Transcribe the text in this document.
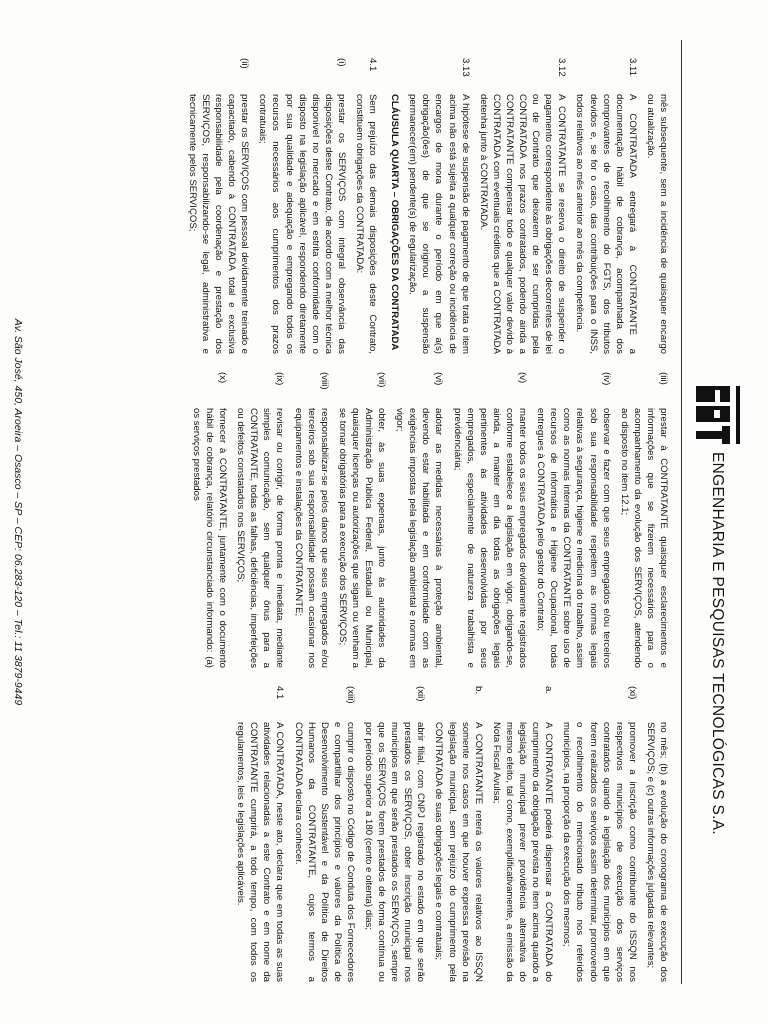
ENGENHARIA E PESQUISAS TECNOLÓGICAS S.A.
mês subsequente, sem a incidência de quaisquer encargo ou atualização.
3.11
A CONTRATADA entregará à CONTRATANTE a documentação hábil de cobrança, acompanhada dos comprovantes de recolhimento do FGTS, dos tributos devidos e, se for o caso, das contribuições para o INSS, todos relativos ao mês anterior ao mês da competência.
3.12
A CONTRATANTE se reserva o direito de suspender o pagamento correspondente às obrigações decorrentes de lei ou de Contrato que deixarem de ser cumpridas pela CONTRATADA nos prazos contratados, podendo ainda a CONTRATANTE compensar todo e qualquer valor devido à CONTRATADA com eventuais créditos que a CONTRATADA detenha junto à CONTRATADA.
3.13
A hipótese de suspensão de pagamento de que trata o item acima não está sujeita a qualquer correção ou incidência de encargos de mora durante o período em que a(s) obrigação(ões) de que se originou a suspensão permanecer(em) pendente(s) de regularização.
CLÁUSULA QUARTA – OBRIGAÇÕES DA CONTRATADA
4.1
Sem prejuízo das demais disposições deste Contrato, constituem obrigações da CONTRATADA:
(i)
prestar os SERVIÇOS com integral observância das disposições deste Contrato, de acordo com a melhor técnica disponível no mercado e em estrita conformidade com o disposto na legislação aplicável, respondendo diretamente por sua qualidade e adequação e empregando todos os recursos necessários aos cumprimentos dos prazos contratuais;
(ii)
prestar os SERVIÇOS com pessoal devidamente treinado e capacitado, cabendo à CONTRATADA total e exclusiva responsabilidade pela coordenação e prestação dos SERVIÇOS, responsabilizando-se legal, administrativa e tecnicamente pelos SERVIÇOS;
(iii)
prestar à CONTRATANTE quaisquer esclarecimentos e informações que se fizerem necessários para o acompanhamento da evolução dos SERVIÇOS, atendendo ao disposto no item 12.1;
(iv)
observar e fazer com que seus empregados e/ou terceiros sob sua responsabilidade respeitem as normas legais relativas à segurança, higiene e medicina do trabalho, assim como as normas internas da CONTRATANTE sobre uso de recursos de informática e Higiene Ocupacional, todas entregues à CONTRATADA pelo gestor do Contrato;
(v)
manter todos os seus empregados devidamente registrados conforme estabelece a legislação em vigor, obrigando-se, ainda, a manter em dia todas as obrigações legais pertinentes às atividades desenvolvidas por seus empregados, especialmente de natureza trabalhista e previdenciária;
(vi)
adotar as medidas necessárias à proteção ambiental, devendo estar habilitada e em conformidade com as exigências impostas pela legislação ambiental e normas em vigor;
(vii)
obter, às suas expensas, junto às autoridades da Administração Pública Federal, Estadual ou Municipal, quaisquer licenças ou autorizações que sigam ou venham a se tornar obrigatórias para a execução dos SERVIÇOS;
(viii)
responsabilizar-se pelos danos que seus empregados e/ou terceiros sob sua responsabilidade possam ocasionar nos equipamentos e instalações da CONTRATANTE;
(ix)
revisar ou corrigir, de forma pronta e imediata, mediante simples comunicação, sem qualquer ônus para a CONTRATANTE, todas as falhas, deficiências, imperfeições ou defeitos constatados nos SERVIÇOS;
(x)
fornecer à CONTRATANTE, juntamente com o documento hábil de cobrança, relatório circunstanciado informando: (a) os serviços prestados
no mês; (b) a evolução do cronograma de execução dos SERVIÇOS; e (c) outras informações julgadas relevantes;
(xi)
promover a inscrição como contribuinte do ISSQN nos respectivos municípios de execução dos serviços contratados quando a legislação dos municípios em que forem realizados os serviços assim determinar, promovendo o recolhimento do mencionado tributo nos referidos municípios, na proporção da execução dos mesmos;
a.
A CONTRATANTE poderá dispensar a CONTRATADA do cumprimento da obrigação prevista no item acima quando a legislação municipal prever providência alternativa do mesmo efeito, tal como, exemplificativamente, a emissão da Nota Fiscal Avulsa;
b.
A CONTRATANTE reterá os valores relativos ao ISSQN somente nos casos em que houver expressa previsão na legislação municipal, sem prejuízo do cumprimento pela CONTRATADA de suas obrigações legais e contratuais;
(xii)
abrir filial, com CNPJ registrado no estado em que serão prestados os SERVIÇOS, obter inscrição municipal nos municípios em que serão prestados os SERVIÇOS, sempre que os SERVIÇOS forem prestados de forma contínua ou por período superior a 180 (cento e oitenta) dias;
(xiii)
cumprir o disposto no Código de Conduta dos Fornecedores e compartilhar dos princípios e valores da Política de Desenvolvimento Sustentável e da Política de Direitos Humanos da CONTRATANTE, cujos termos a CONTRATADA declara conhecer.
4.1
A CONTRATADA, neste ato, declara que em todas as suas atividades relacionadas a este Contrato e em nome da CONTRATANTE cumprirá, a todo tempo, com todos os regulamentos, leis e legislações aplicáveis.
Av. São José, 450, Aroeira – Osasco – SP – CEP: 06.283-120 – Tel.: 11 3879-9449
